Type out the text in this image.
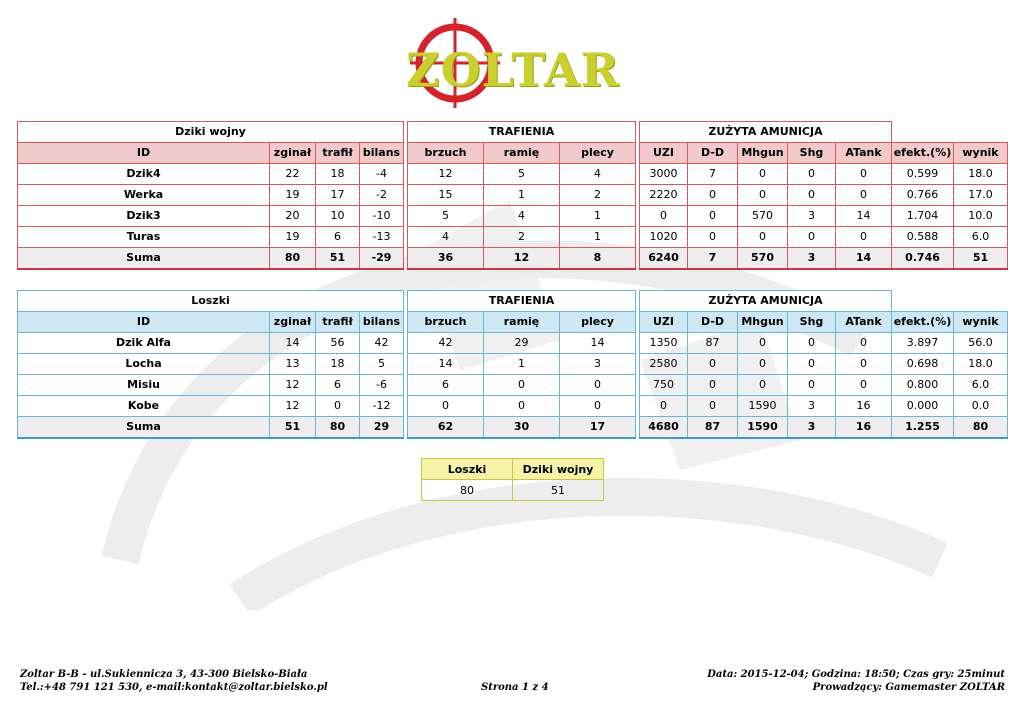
ZOLTAR
Dziki wojny					TRAFIENIA				ZUŻYTA AMUNICJA						
ID	zginał	trafił	bilans		brzuch	ramię	plecy		UZI	D-D	Mhgun	Shg	ATank	efekt.(%)	wynik
Dzik4	22	18	-4		12	5	4		3000	7	0	0	0	0.599	18.0
Werka	19	17	-2		15	1	2		2220	0	0	0	0	0.766	17.0
Dzik3	20	10	-10		5	4	1		0	0	570	3	14	1.704	10.0
Turas	19	6	-13		4	2	1		1020	0	0	0	0	0.588	6.0
Suma	80	51	-29		36	12	8		6240	7	570	3	14	0.746	51
Loszki					TRAFIENIA				ZUŻYTA AMUNICJA						
ID	zginał	trafił	bilans		brzuch	ramię	plecy		UZI	D-D	Mhgun	Shg	ATank	efekt.(%)	wynik
Dzik Alfa	14	56	42		42	29	14		1350	87	0	0	0	3.897	56.0
Locha	13	18	5		14	1	3		2580	0	0	0	0	0.698	18.0
Misiu	12	6	-6		6	0	0		750	0	0	0	0	0.800	6.0
Kobe	12	0	-12		0	0	0		0	0	1590	3	16	0.000	0.0
Suma	51	80	29		62	30	17		4680	87	1590	3	16	1.255	80
Loszki	Dziki wojny
80	51
Zoltar B-B - ul.Sukiennicza 3, 43-300 Bielsko-Biała
Tel.:+48 791 121 530, e-mail:kontakt@zoltar.bielsko.pl	Strona 1 z 4
Data: 2015-12-04; Godzina: 18:50; Czas gry: 25minut
Prowadzący: Gamemaster ZOLTAR
